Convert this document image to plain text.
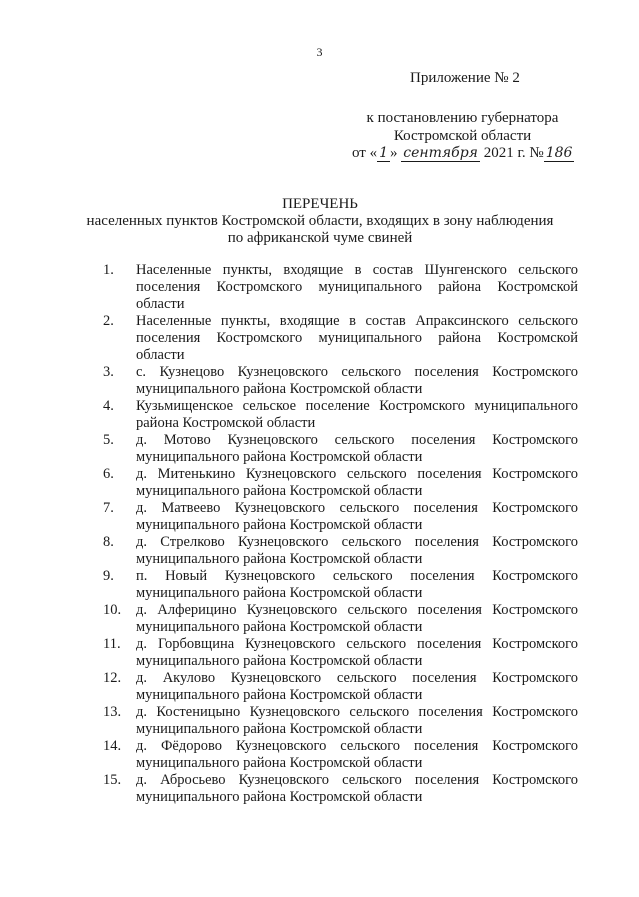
3
Приложение № 2
к постановлению губернатора
Костромской области
от « 1 » сентября 2021 г. № 186
ПЕРЕЧЕНЬ
населенных пунктов Костромской области, входящих в зону наблюдения
по африканской чуме свиней
1.	Населенные пункты, входящие в состав Шунгенского сельского поселения Костромского муниципального района Костромской области
2.	Населенные пункты, входящие в состав Апраксинского сельского поселения Костромского муниципального района Костромской области
3.	с. Кузнецово Кузнецовского сельского поселения Костромского муниципального района Костромской области
4.	Кузьмищенское сельское поселение Костромского муниципального района Костромской области
5.	д. Мотово Кузнецовского сельского поселения Костромского муниципального района Костромской области
6.	д. Митенькино Кузнецовского сельского поселения Костромского муниципального района Костромской области
7.	д. Матвеево Кузнецовского сельского поселения Костромского муниципального района Костромской области
8.	д. Стрелково Кузнецовского сельского поселения Костромского муниципального района Костромской области
9.	п. Новый Кузнецовского сельского поселения Костромского муниципального района Костромской области
10.	д. Алферицино Кузнецовского сельского поселения Костромского муниципального района Костромской области
11.	д. Горбовщина Кузнецовского сельского поселения Костромского муниципального района Костромской области
12.	д. Акулово Кузнецовского сельского поселения Костромского муниципального района Костромской области
13.	д. Костеницыно Кузнецовского сельского поселения Костромского муниципального района Костромской области
14.	д. Фёдорово Кузнецовского сельского поселения Костромского муниципального района Костромской области
15.	д. Абросьево Кузнецовского сельского поселения Костромского муниципального района Костромской области
